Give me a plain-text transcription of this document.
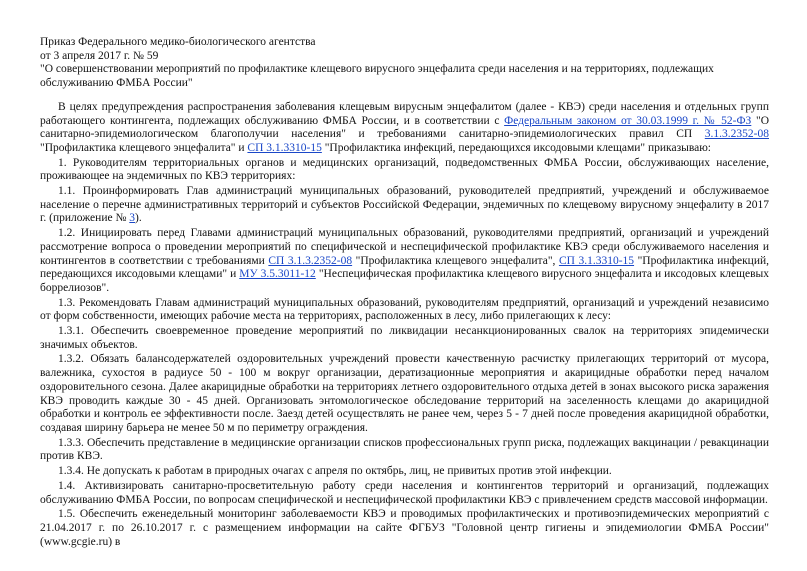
Приказ Федерального медико-биологического агентства

от 3 апреля 2017 г. № 59

"О совершенствовании мероприятий по профилактике клещевого вирусного энцефалита среди населения и на территориях, подлежащих обслуживанию ФМБА России"

В целях предупреждения распространения заболевания клещевым вирусным энцефалитом (далее - КВЭ) среди населения и отдельных групп работающего контингента, подлежащих обслуживанию ФМБА России, и в соответствии с Федеральным законом от 30.03.1999 г. № 52-ФЗ "О санитарно-эпидемиологическом благополучии населения" и требованиями санитарно-эпидемиологических правил СП 3.1.3.2352-08 "Профилактика клещевого энцефалита" и СП 3.1.3310-15 "Профилактика инфекций, передающихся иксодовыми клещами" приказываю:

1. Руководителям территориальных органов и медицинских организаций, подведомственных ФМБА России, обслуживающих население, проживающее на эндемичных по КВЭ территориях:

1.1. Проинформировать Глав администраций муниципальных образований, руководителей предприятий, учреждений и обслуживаемое население о перечне административных территорий и субъектов Российской Федерации, эндемичных по клещевому вирусному энцефалиту в 2017 г. (приложение № 3).

1.2. Инициировать перед Главами администраций муниципальных образований, руководителями предприятий, организаций и учреждений рассмотрение вопроса о проведении мероприятий по специфической и неспецифической профилактике КВЭ среди обслуживаемого населения и контингентов в соответствии с требованиями СП 3.1.3.2352-08 "Профилактика клещевого энцефалита", СП 3.1.3310-15 "Профилактика инфекций, передающихся иксодовыми клещами" и МУ 3.5.3011-12 "Неспецифическая профилактика клещевого вирусного энцефалита и иксодовых клещевых боррелиозов".

1.3. Рекомендовать Главам администраций муниципальных образований, руководителям предприятий, организаций и учреждений независимо от форм собственности, имеющих рабочие места на территориях, расположенных в лесу, либо прилегающих к лесу:

1.3.1. Обеспечить своевременное проведение мероприятий по ликвидации несанкционированных свалок на территориях эпидемически значимых объектов.

1.3.2. Обязать балансодержателей оздоровительных учреждений провести качественную расчистку прилегающих территорий от мусора, валежника, сухостоя в радиусе 50 - 100 м вокруг организации, дератизационные мероприятия и акарицидные обработки перед началом оздоровительного сезона. Далее акарицидные обработки на территориях летнего оздоровительного отдыха детей в зонах высокого риска заражения КВЭ проводить каждые 30 - 45 дней. Организовать энтомологическое обследование территорий на заселенность клещами до акарицидной обработки и контроль ее эффективности после. Заезд детей осуществлять не ранее чем, через 5 - 7 дней после проведения акарицидной обработки, создавая ширину барьера не менее 50 м по периметру ограждения.

1.3.3. Обеспечить представление в медицинские организации списков профессиональных групп риска, подлежащих вакцинации / ревакцинации против КВЭ.

1.3.4. Не допускать к работам в природных очагах с апреля по октябрь, лиц, не привитых против этой инфекции.

1.4. Активизировать санитарно-просветительную работу среди населения и контингентов территорий и организаций, подлежащих обслуживанию ФМБА России, по вопросам специфической и неспецифической профилактики КВЭ с привлечением средств массовой информации.

1.5. Обеспечить еженедельный мониторинг заболеваемости КВЭ и проводимых профилактических и противоэпидемических мероприятий с 21.04.2017 г. по 26.10.2017 г. с размещением информации на сайте ФГБУЗ "Головной центр гигиены и эпидемиологии ФМБА России" (www.gcgie.ru) в
